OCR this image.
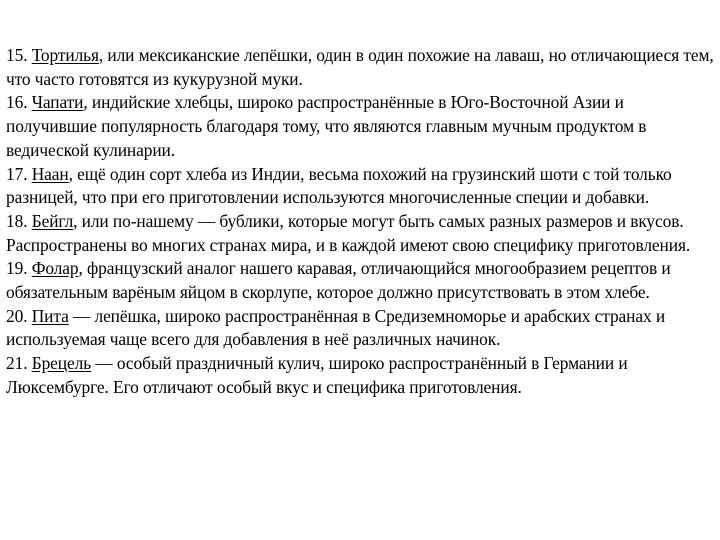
15. Тортилья, или мексиканские лепёшки, один в один похожие на лаваш, но отличающиеся тем, что часто готовятся из кукурузной муки.

16. Чапати, индийские хлебцы, широко распространённые в Юго-Восточной Азии и получившие популярность благодаря тому, что являются главным мучным продуктом в ведической кулинарии.

17. Наан, ещё один сорт хлеба из Индии, весьма похожий на грузинский шоти с той только разницей, что при его приготовлении используются многочисленные специи и добавки.

18. Бейгл, или по-нашему — бублики, которые могут быть самых разных размеров и вкусов. Распространены во многих странах мира, и в каждой имеют свою специфику приготовления.

19. Фолар, французский аналог нашего каравая, отличающийся многообразием рецептов и обязательным варёным яйцом в скорлупе, которое должно присутствовать в этом хлебе.

20. Пита — лепёшка, широко распространённая в Средиземноморье и арабских странах и используемая чаще всего для добавления в неё различных начинок.

21. Брецель — особый праздничный кулич, широко распространённый в Германии и Люксембурге. Его отличают особый вкус и специфика приготовления.
